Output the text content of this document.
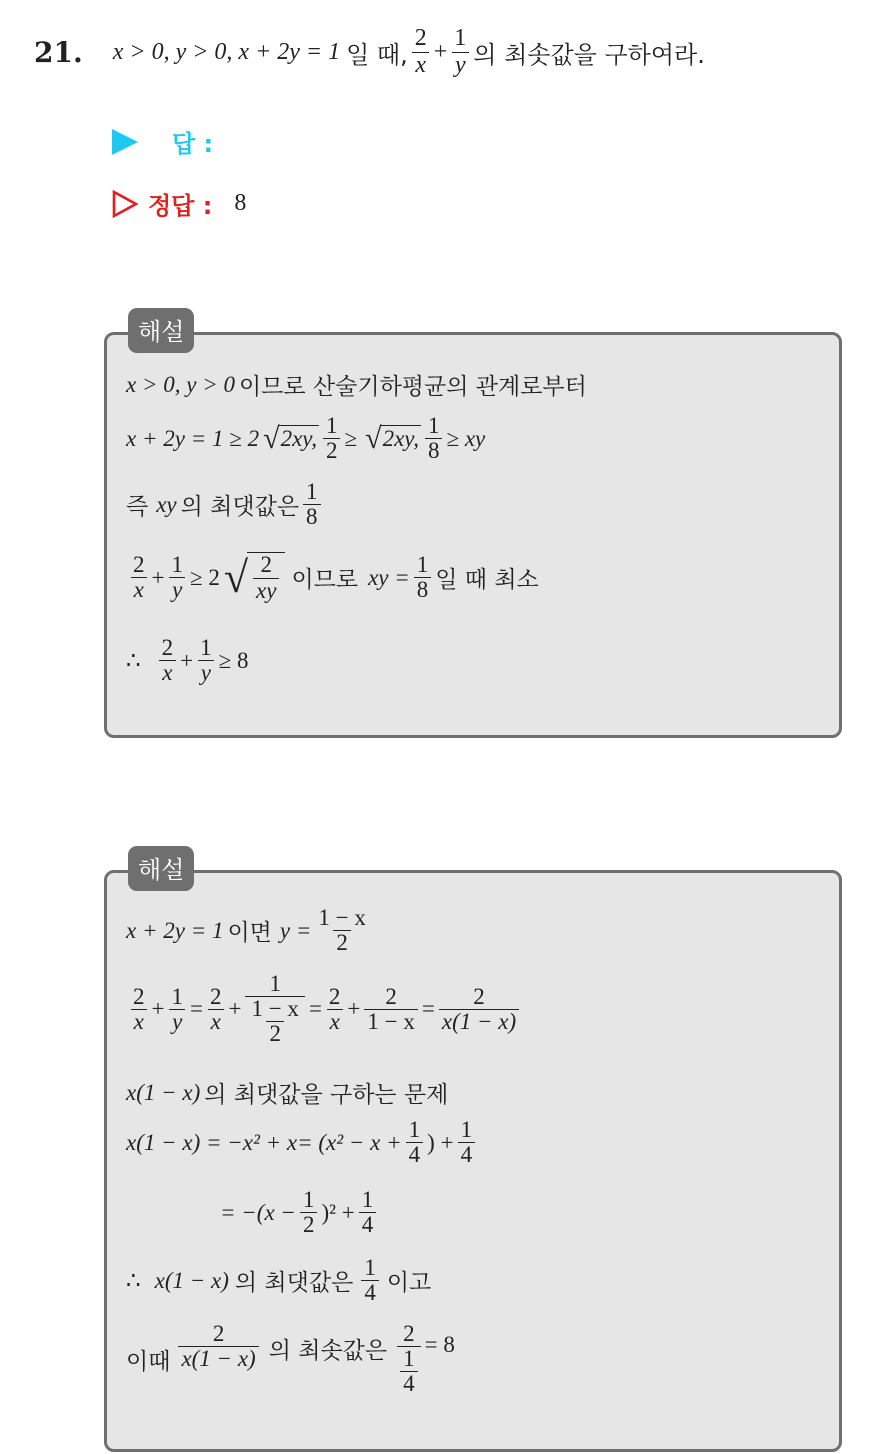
21. x > 0, y > 0, x + 2y = 1 일 때, $\frac{2}{x} + \frac{1}{y}$ 의 최솟값을 구하여라.
답 :
정답 : 8
해설
x > 0, y > 0 이므로 산술기하평균의 관계로부터
x + 2y = 1 ≥ 2 √ 2xy, $\frac{1}{2}$ ≥ √ 2xy, $\frac{1}{8}$ ≥ xy
즉 xy 의 최댓값은 $\frac{1}{8}$
$\frac{2}{x} + \frac{1}{y} \ge 2$ √ $\frac{2}{xy}$ 이므로 xy = $\frac{1}{8}$ 일 때 최소
∴ $\frac{2}{x} + \frac{1}{y} \ge 8$
해설
x + 2y = 1 이면 $y = \frac{1 - x}{2}$
$\frac{2}{x} + \frac{1}{y} = \frac{2}{x} + \frac{1}{\frac{1 - x}{2}} = \frac{2}{x} + \frac{2}{1 - x} = \frac{2}{x(1 - x)}$
x(1 − x) 의 최댓값을 구하는 문제
$x(1 - x) = -x^2 + x= (x^2 - x + \frac{1}{4}$ ) + $\frac{1}{4}$
= $-(x - \frac{1}{2} )^2 + \frac{1}{4}$
∴ x(1 − x) 의 최댓값은 $\frac{1}{4}$ 이고
이때 $\frac{2}{x(1 - x)}$ 의 최솟값은 $\frac{2}{\frac{1}{4}} = 8$
